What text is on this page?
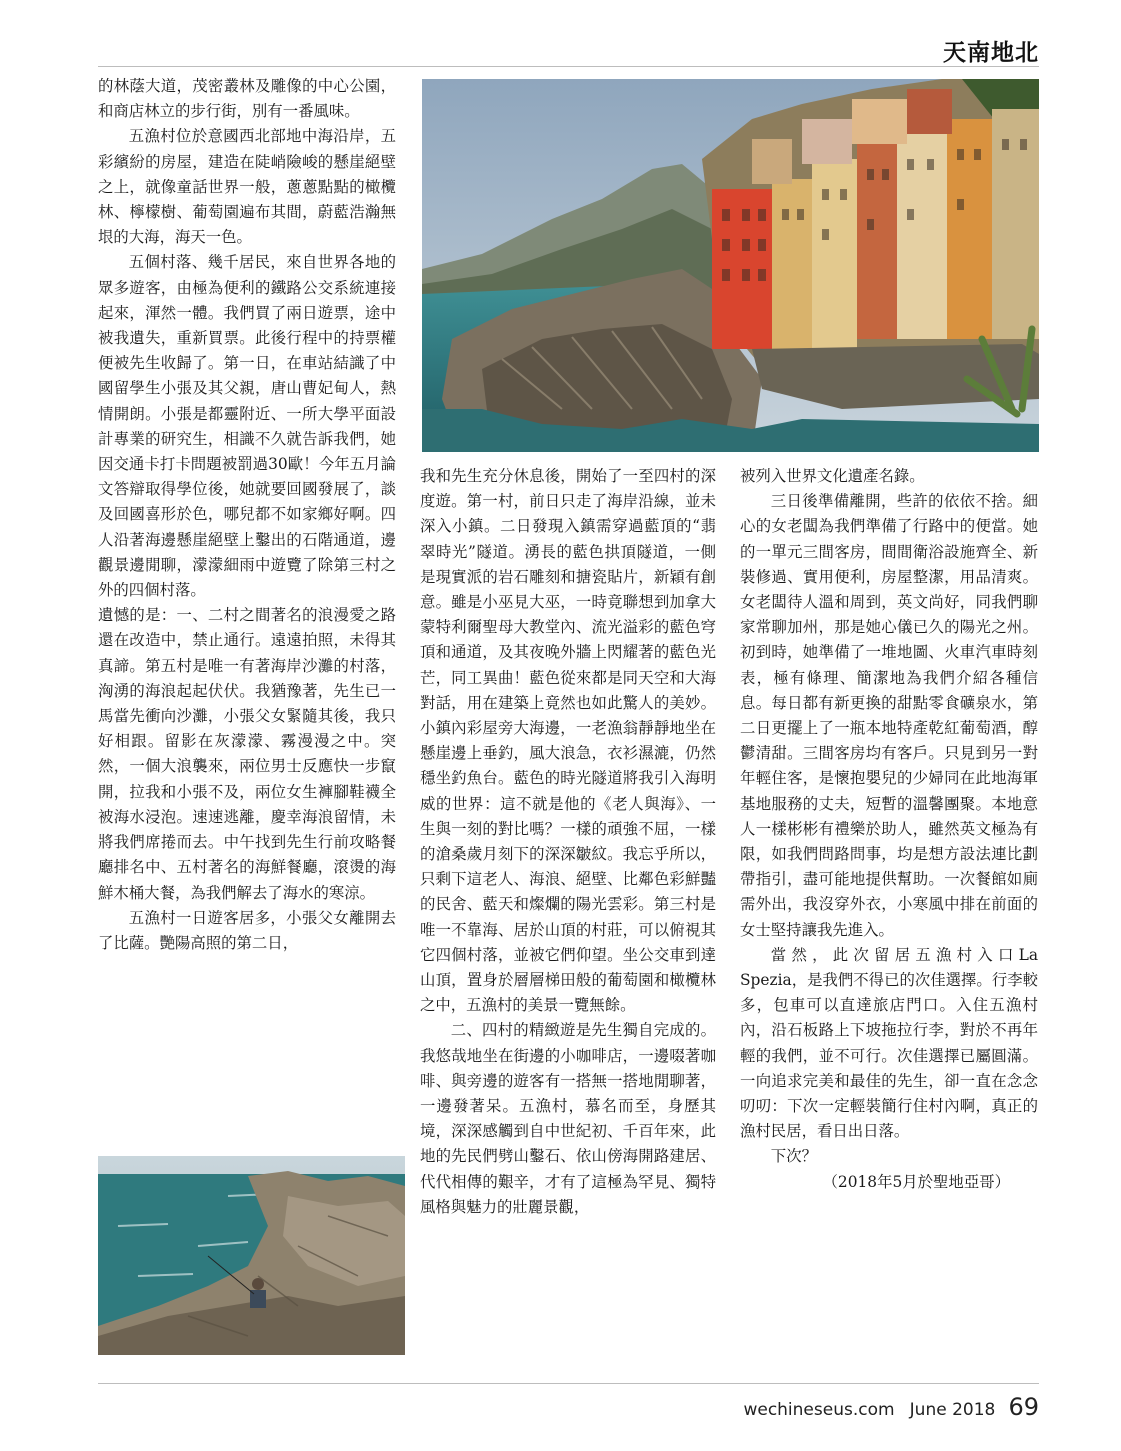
天南地北

的林蔭大道，茂密叢林及雕像的中心公園，和商店林立的步行街，別有一番風味。

五漁村位於意國西北部地中海沿岸，五彩繽紛的房屋，建造在陡峭險峻的懸崖絕壁之上，就像童話世界一般，蔥蔥點點的橄欖林、檸檬樹、葡萄園遍布其間，蔚藍浩瀚無垠的大海，海天一色。

五個村落、幾千居民，來自世界各地的眾多遊客，由極為便利的鐵路公交系統連接起來，渾然一體。我們買了兩日遊票，途中被我遺失，重新買票。此後行程中的持票權便被先生收歸了。第一日，在車站結識了中國留學生小張及其父親，唐山曹妃甸人，熱情開朗。小張是都靈附近、一所大學平面設計專業的研究生，相識不久就告訴我們，她因交通卡打卡問題被罰過30歐！今年五月論文答辯取得學位後，她就要回國發展了，談及回國喜形於色，哪兒都不如家鄉好啊。四人沿著海邊懸崖絕壁上鑿出的石階通道，邊觀景邊閒聊，濛濛細雨中遊覽了除第三村之外的四個村落。

遺憾的是：一、二村之間著名的浪漫愛之路還在改造中，禁止通行。遠遠拍照，未得其真諦。第五村是唯一有著海岸沙灘的村落，洶湧的海浪起起伏伏。我猶豫著，先生已一馬當先衝向沙灘，小張父女緊隨其後，我只好相跟。留影在灰濛濛、霧漫漫之中。突然，一個大浪襲來，兩位男士反應快一步竄開，拉我和小張不及，兩位女生褲腳鞋襪全被海水浸泡。速速逃離，慶幸海浪留情，未將我們席捲而去。中午找到先生行前攻略餐廳排名中、五村著名的海鮮餐廳，滾燙的海鮮木桶大餐，為我們解去了海水的寒涼。

五漁村一日遊客居多，小張父女離開去了比薩。艷陽高照的第二日，

我和先生充分休息後，開始了一至四村的深度遊。第一村，前日只走了海岸沿線，並未深入小鎮。二日發現入鎮需穿過藍頂的“翡翠時光”隧道。湧長的藍色拱頂隧道，一側是現實派的岩石雕刻和搪瓷貼片，新穎有創意。雖是小巫見大巫，一時竟聯想到加拿大蒙特利爾聖母大教堂內、流光溢彩的藍色穹頂和通道，及其夜晚外牆上閃耀著的藍色光芒，同工異曲！藍色從來都是同天空和大海對話，用在建築上竟然也如此驚人的美妙。小鎮內彩屋旁大海邊，一老漁翁靜靜地坐在懸崖邊上垂釣，風大浪急，衣衫濕漉，仍然穩坐釣魚台。藍色的時光隧道將我引入海明威的世界：這不就是他的《老人與海》、一生與一刻的對比嗎？一樣的頑強不屈，一樣的滄桑歲月刻下的深深皺紋。我忘乎所以，只剩下這老人、海浪、絕壁、比鄰色彩鮮豔的民舍、藍天和燦爛的陽光雲彩。第三村是唯一不靠海、居於山頂的村莊，可以俯視其它四個村落，並被它們仰望。坐公交車到達山頂，置身於層層梯田般的葡萄園和橄欖林之中，五漁村的美景一覽無餘。

二、四村的精緻遊是先生獨自完成的。我悠哉地坐在街邊的小咖啡店，一邊啜著咖啡、與旁邊的遊客有一搭無一搭地閒聊著，一邊發著呆。五漁村，慕名而至，身歷其境，深深感觸到自中世紀初、千百年來，此地的先民們劈山鑿石、依山傍海開路建居、代代相傳的艱辛，才有了這極為罕見、獨特風格與魅力的壯麗景觀，

被列入世界文化遺產名錄。

三日後準備離開，些許的依依不捨。細心的女老闆為我們準備了行路中的便當。她的一單元三間客房，間間衛浴設施齊全、新裝修過、實用便利，房屋整潔，用品清爽。女老闆待人溫和周到，英文尚好，同我們聊家常聊加州，那是她心儀已久的陽光之州。初到時，她準備了一堆地圖、火車汽車時刻表，極有條理、簡潔地為我們介紹各種信息。每日都有新更換的甜點零食礦泉水，第二日更擺上了一瓶本地特產乾紅葡萄酒，醇鬱清甜。三間客房均有客戶。只見到另一對年輕住客，是懷抱嬰兒的少婦同在此地海軍基地服務的丈夫，短暫的溫馨團聚。本地意人一樣彬彬有禮樂於助人，雖然英文極為有限，如我們問路問事，均是想方設法連比劃帶指引，盡可能地提供幫助。一次餐館如廁需外出，我沒穿外衣，小寒風中排在前面的女士堅持讓我先進入。

當然，此次留居五漁村入口La Spezia，是我們不得已的次佳選擇。行李較多，包車可以直達旅店門口。入住五漁村內，沿石板路上下坡拖拉行李，對於不再年輕的我們，並不可行。次佳選擇已屬圓滿。一向追求完美和最佳的先生，卻一直在念念叨叨：下次一定輕裝簡行住村內啊，真正的漁村民居，看日出日落。

下次？

（2018年5月於聖地亞哥）

wechineseus.com June 2018 69
